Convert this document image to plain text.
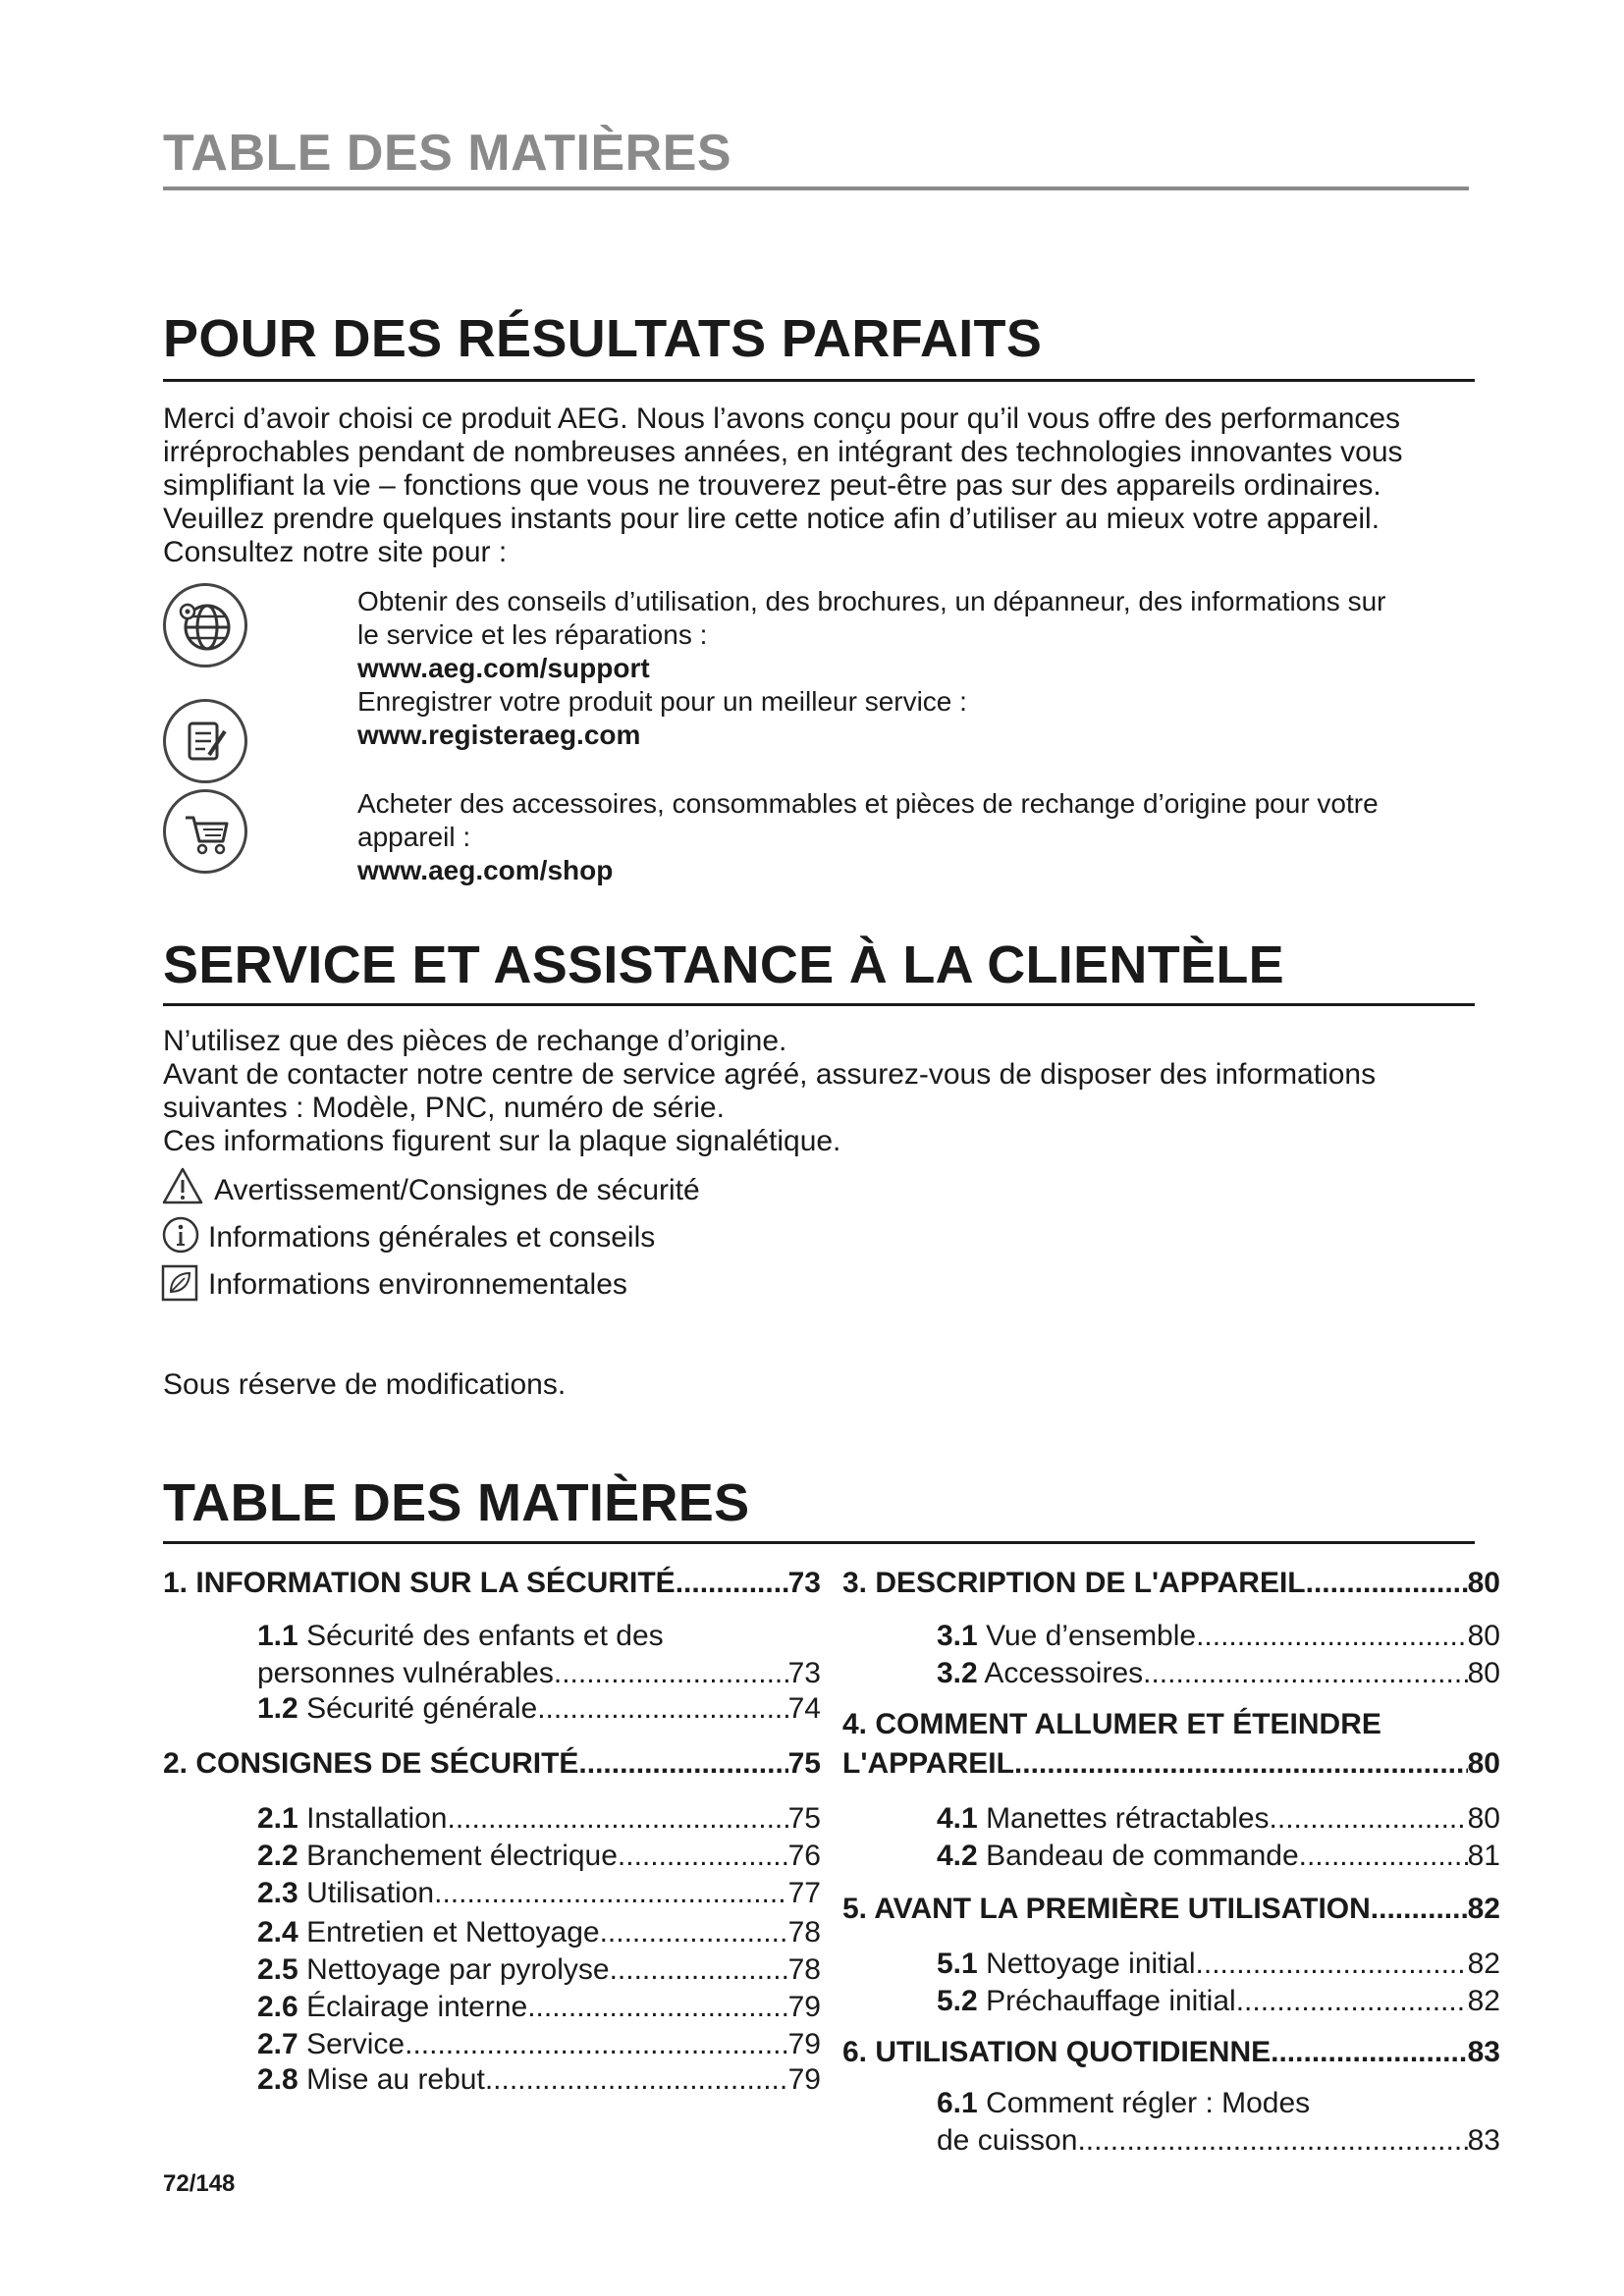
TABLE DES MATIÈRES
POUR DES RÉSULTATS PARFAITS
Merci d’avoir choisi ce produit AEG. Nous l’avons conçu pour qu’il vous offre des performances
irréprochables pendant de nombreuses années, en intégrant des technologies innovantes vous
simplifiant la vie – fonctions que vous ne trouverez peut-être pas sur des appareils ordinaires.
Veuillez prendre quelques instants pour lire cette notice afin d’utiliser au mieux votre appareil.
Consultez notre site pour :
Obtenir des conseils d’utilisation, des brochures, un dépanneur, des informations sur
le service et les réparations :
www.aeg.com/support
Enregistrer votre produit pour un meilleur service :
www.registeraeg.com
Acheter des accessoires, consommables et pièces de rechange d’origine pour votre
appareil :
www.aeg.com/shop
SERVICE ET ASSISTANCE À LA CLIENTÈLE
N’utilisez que des pièces de rechange d’origine.
Avant de contacter notre centre de service agréé, assurez-vous de disposer des informations
suivantes : Modèle, PNC, numéro de série.
Ces informations figurent sur la plaque signalétique.
Avertissement/Consignes de sécurité
Informations générales et conseils
Informations environnementales
Sous réserve de modifications.
TABLE DES MATIÈRES
1. INFORMATION SUR LA SÉCURITÉ .....	73
1.1 Sécurité des enfants et des
personnes vulnérables .....	73
1.2 Sécurité générale .....	74
2. CONSIGNES DE SÉCURITÉ .....	75
2.1 Installation .....	75
2.2 Branchement électrique .....	76
2.3 Utilisation .....	77
2.4 Entretien et Nettoyage .....	78
2.5 Nettoyage par pyrolyse .....	78
2.6 Éclairage interne .....	79
2.7 Service .....	79
2.8 Mise au rebut .....	79
3. DESCRIPTION DE L'APPAREIL .....	80
3.1 Vue d’ensemble .....	80
3.2 Accessoires .....	80
4. COMMENT ALLUMER ET ÉTEINDRE
L'APPAREIL .....	80
4.1 Manettes rétractables .....	80
4.2 Bandeau de commande .....	81
5. AVANT LA PREMIÈRE UTILISATION .....	82
5.1 Nettoyage initial .....	82
5.2 Préchauffage initial .....	82
6. UTILISATION QUOTIDIENNE .....	83
6.1 Comment régler : Modes
de cuisson .....	83
72/148
